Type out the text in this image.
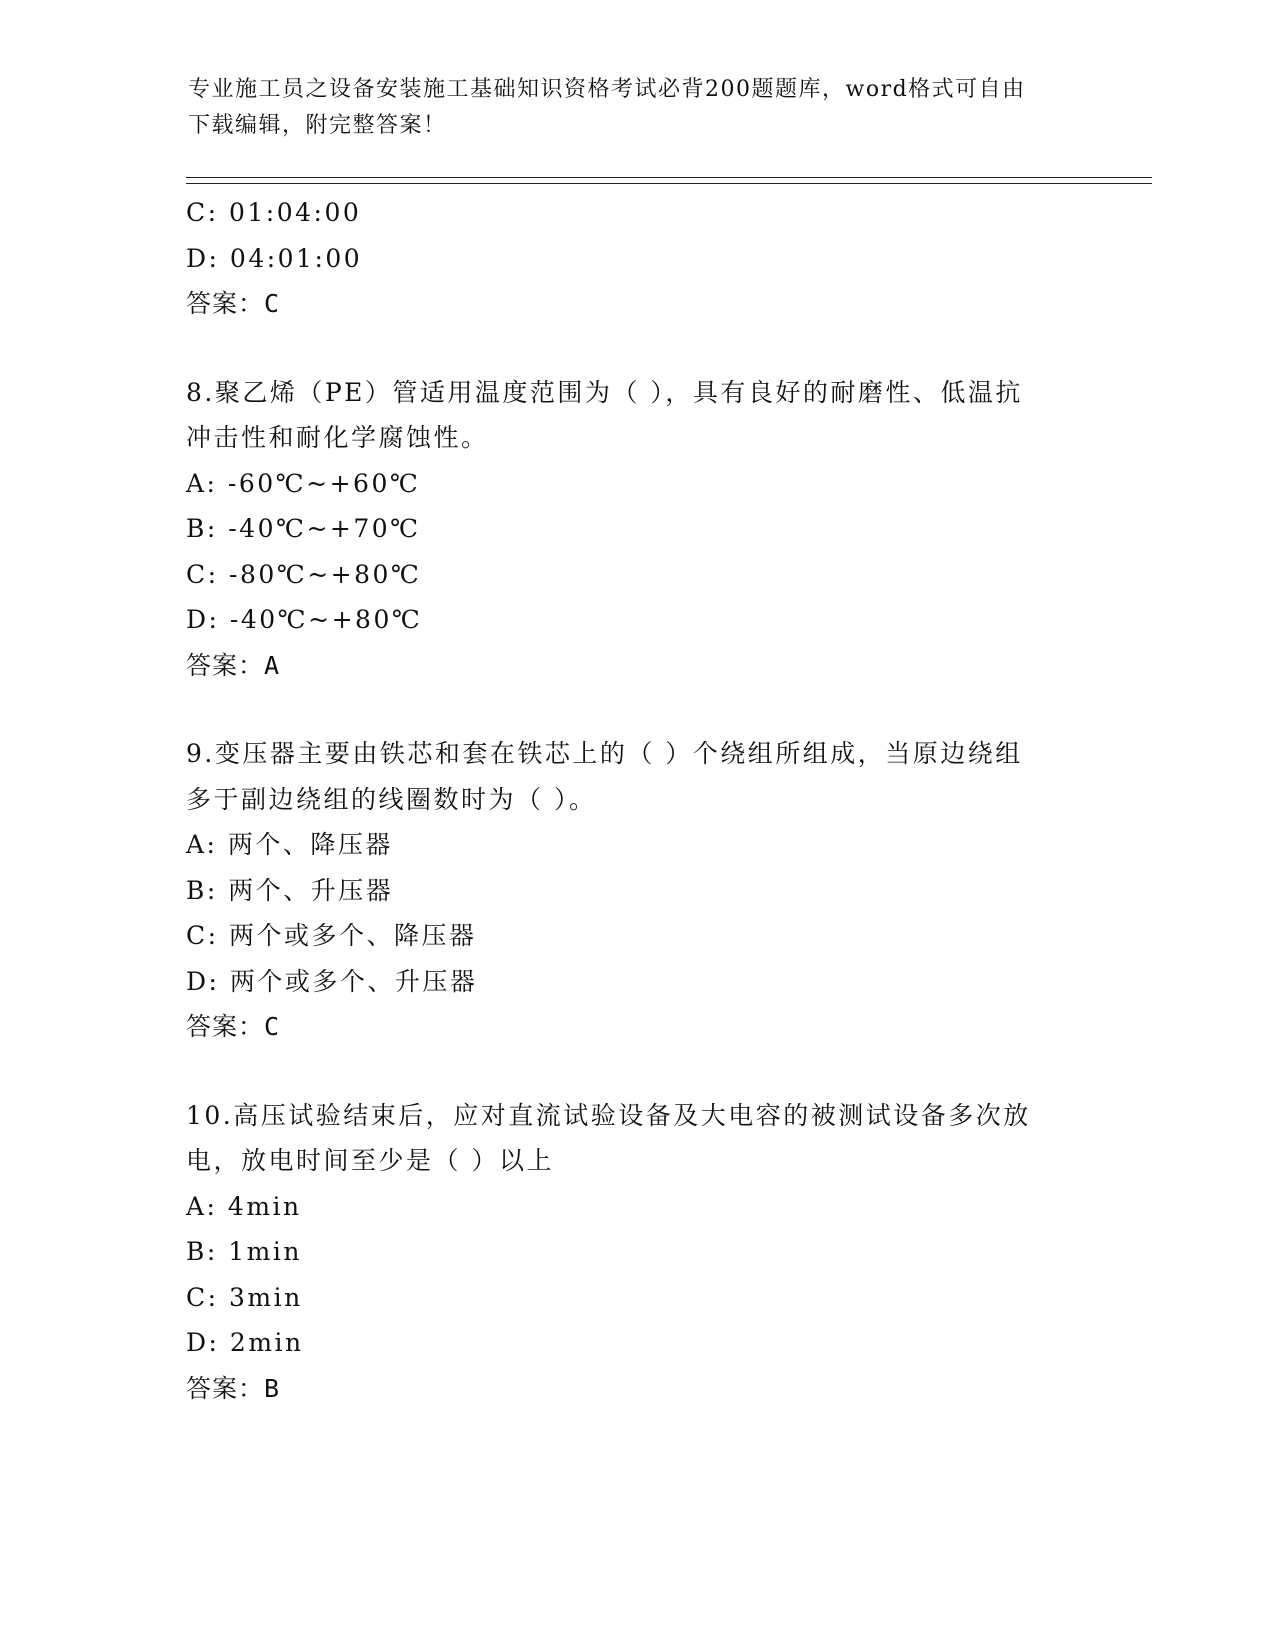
专业施工员之设备安装施工基础知识资格考试必背200题题库，word格式可自由
下载编辑，附完整答案！
C: 01:04:00
D: 04:01:00
答案：C
8.聚乙烯（PE）管适用温度范围为（ ），具有良好的耐磨性、低温抗
冲击性和耐化学腐蚀性。
A: -60℃~+60℃
B: -40℃~+70℃
C: -80℃~+80℃
D: -40℃~+80℃
答案：A
9.变压器主要由铁芯和套在铁芯上的（ ）个绕组所组成，当原边绕组
多于副边绕组的线圈数时为（ ）。
A: 两个、降压器
B: 两个、升压器
C: 两个或多个、降压器
D: 两个或多个、升压器
答案：C
10.高压试验结束后，应对直流试验设备及大电容的被测试设备多次放
电，放电时间至少是（ ）以上
A: 4min
B: 1min
C: 3min
D: 2min
答案：B
